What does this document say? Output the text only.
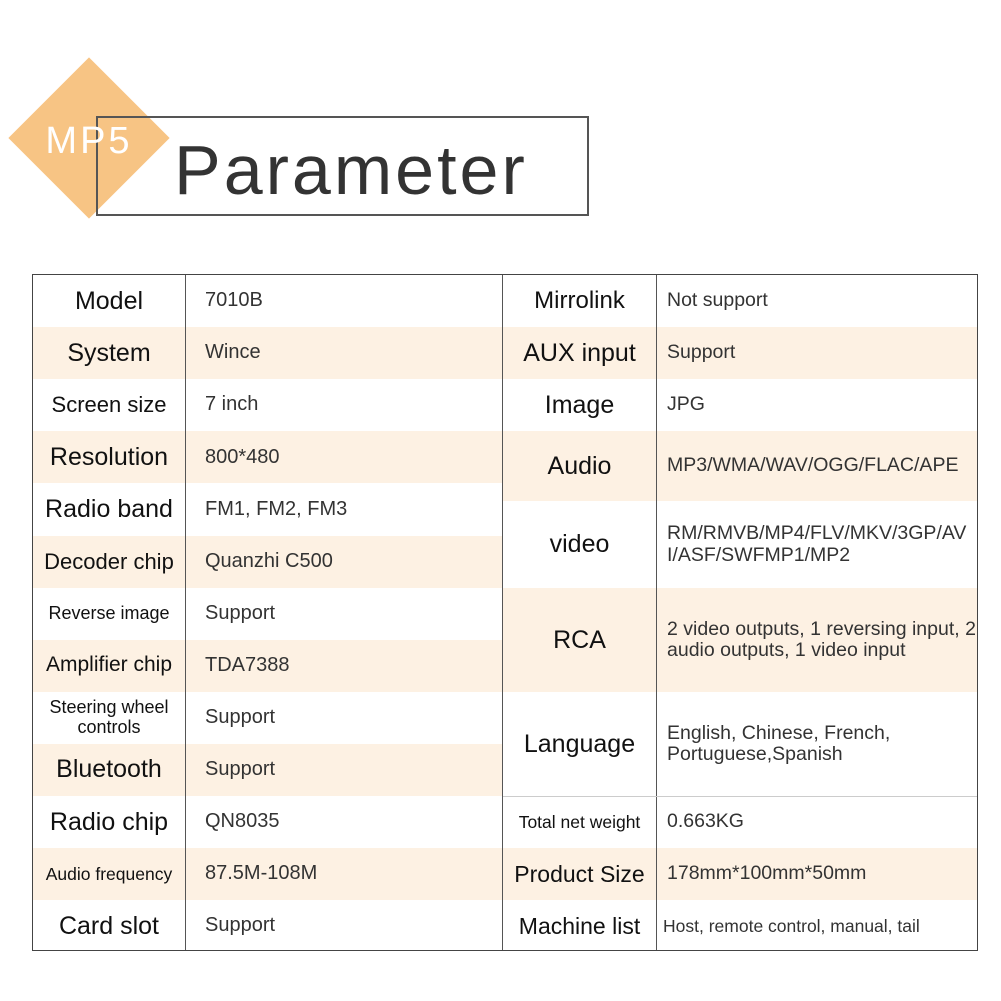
MP5 Parameter
Model	7010B
System	Wince
Screen size	7 inch
Resolution	800*480
Radio band	FM1, FM2, FM3
Decoder chip	Quanzhi C500
Reverse image	Support
Amplifier chip	TDA7388
Steering wheel controls	Support
Bluetooth	Support
Radio chip	QN8035
Audio frequency	87.5M-108M
Card slot	Support
Mirrolink	Not support
AUX input	Support
Image	JPG
Audio	MP3/WMA/WAV/OGG/FLAC/APE
video	RM/RMVB/MP4/FLV/MKV/3GP/AVI/ASF/SWFMP1/MP2
RCA	2 video outputs, 1 reversing input, 2 audio outputs, 1 video input
Language	English, Chinese, French, Portuguese,Spanish
Total net weight	0.663KG
Product Size	178mm*100mm*50mm
Machine list	Host, remote control, manual, tail
